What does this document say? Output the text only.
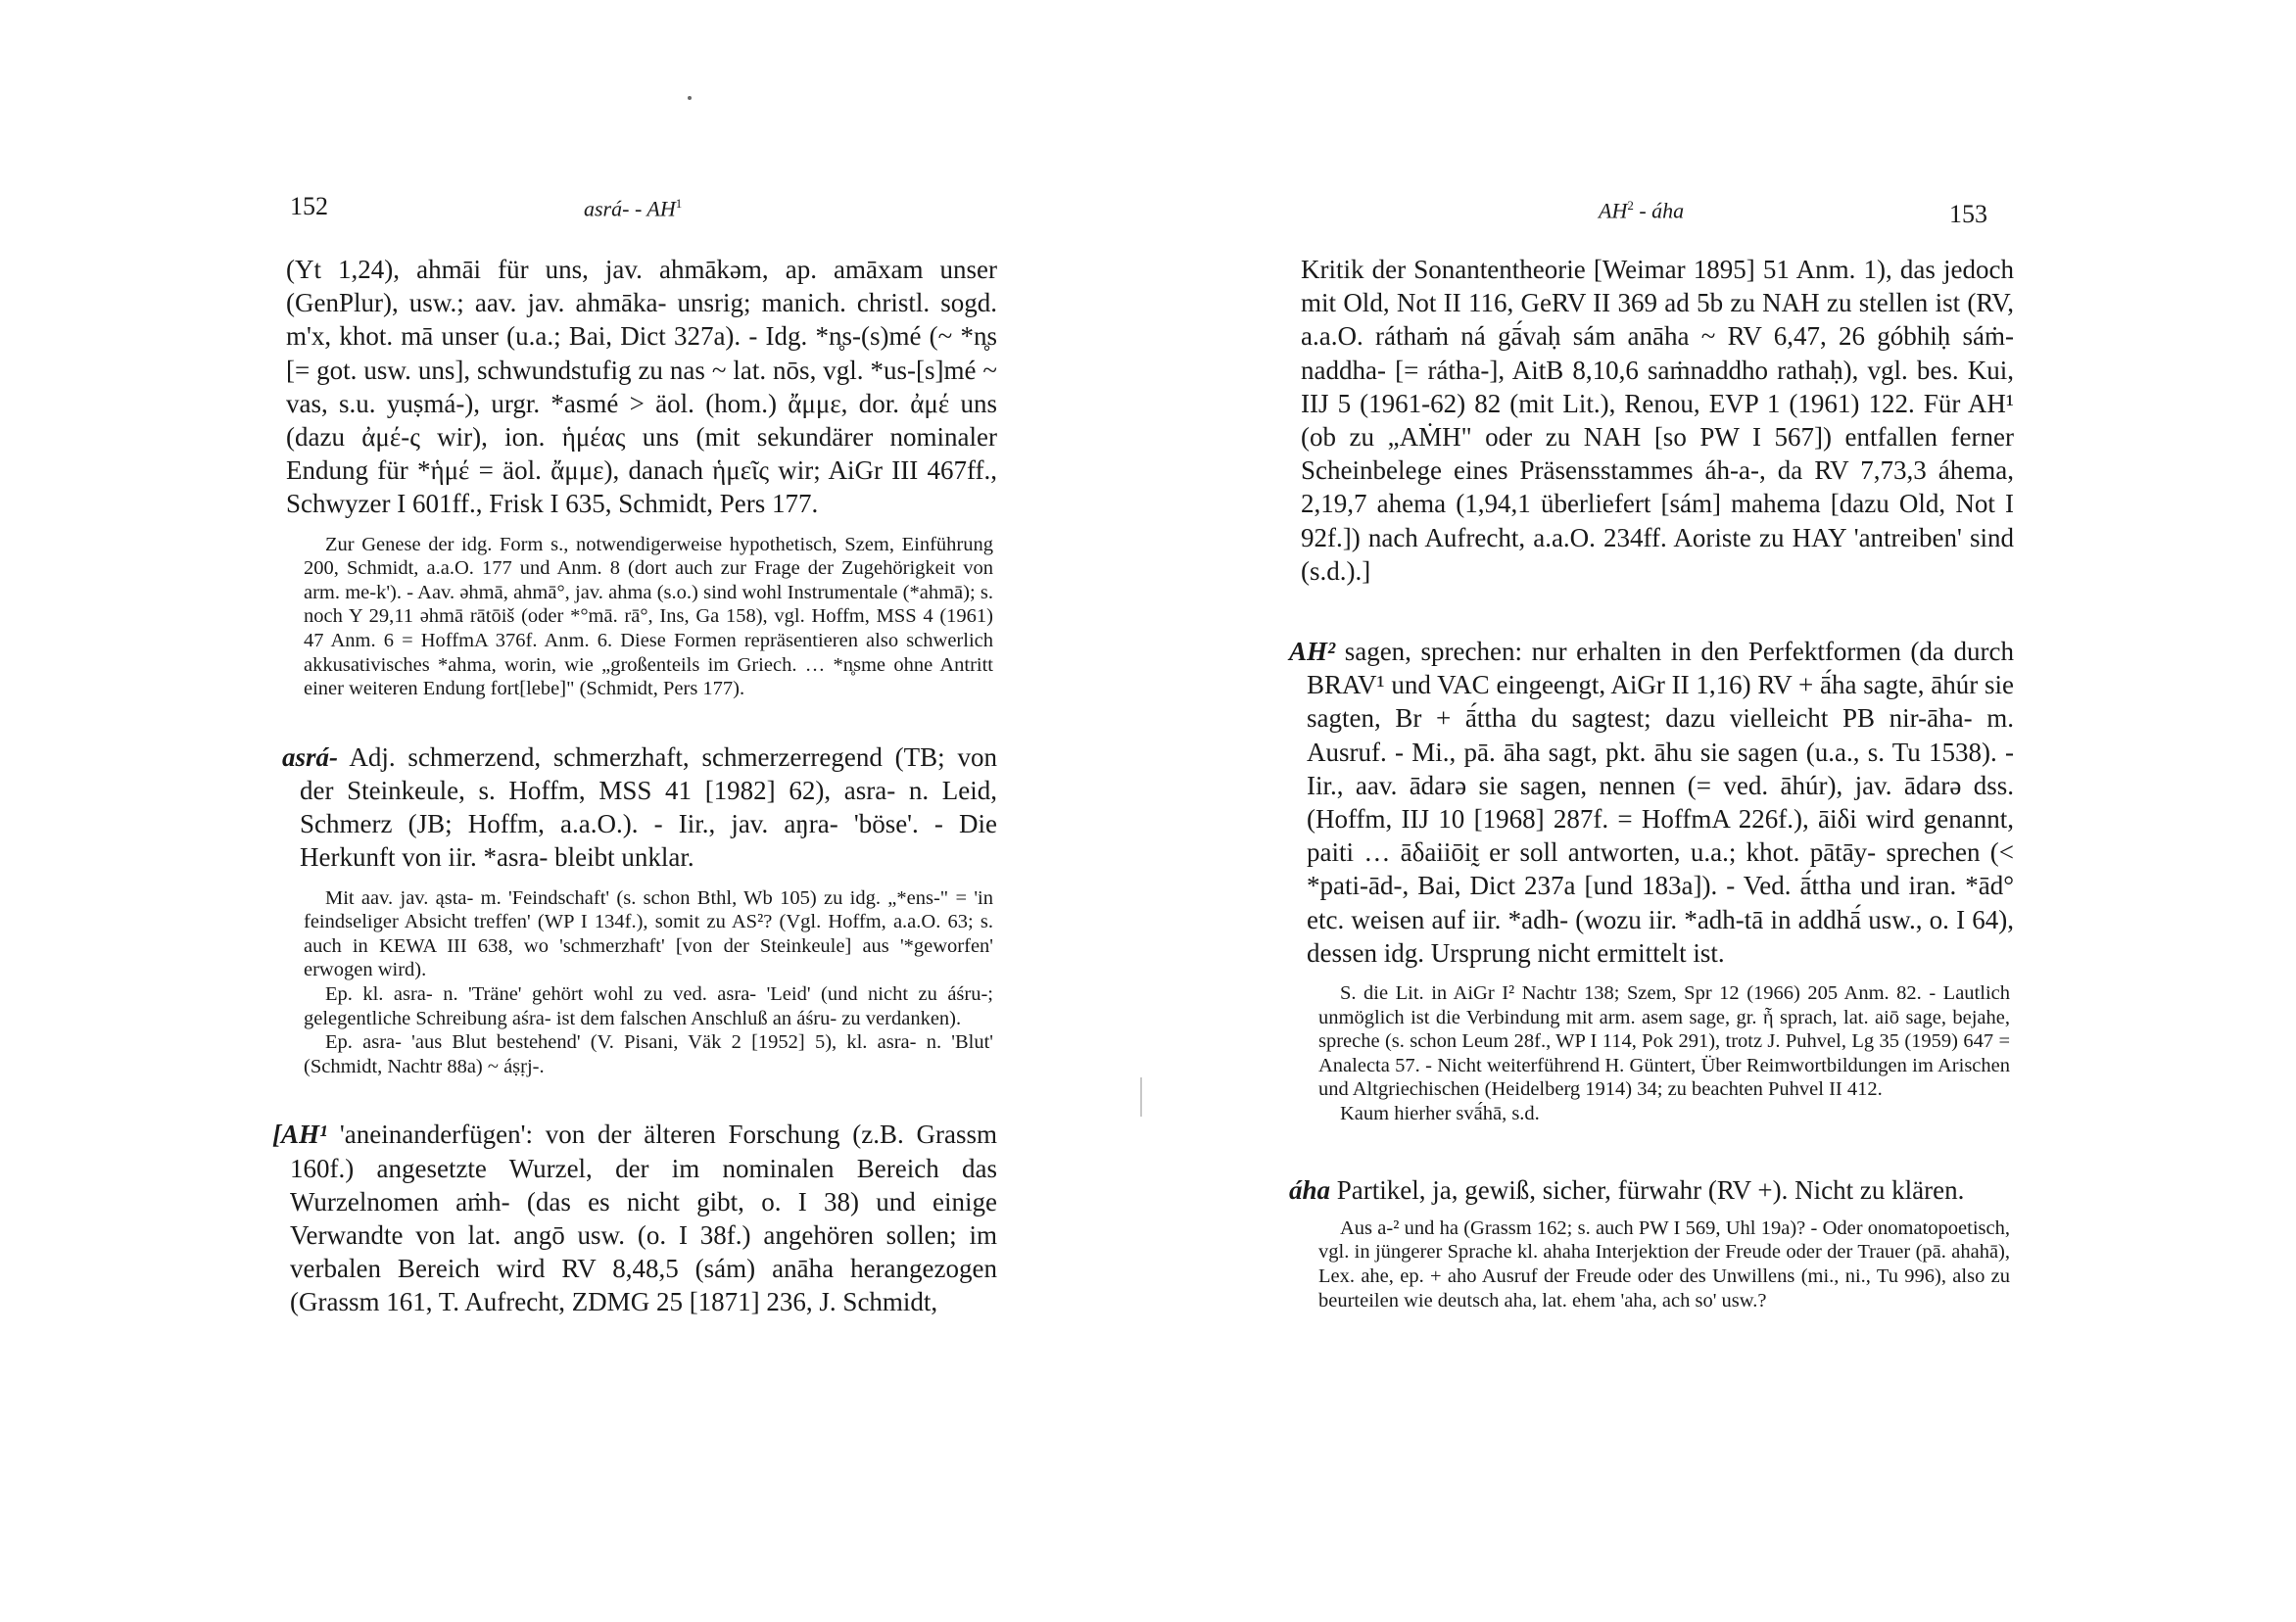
152	asrá- - $AH^1$

(Yt 1,24), ahmāi für uns, jav. ahmākəm, ap. amāxam unser (GenPlur), usw.; aav. jav. ahmāka- unsrig; manich. christl. sogd. m'x, khot. mā unser (u.a.; Bai, Dict 327a). - Idg. *n̥s-(s)mé (~ *n̥s [= got. usw. uns], schwundstufig zu nas ~ lat. nōs, vgl. *us-[s]mé ~ vas, s.u. yuṣmá-), urgr. *asmé > äol. (hom.) ἄμμε, dor. ἀμέ uns (dazu ἀμέ-ς wir), ion. ἡμέας uns (mit sekundärer nominaler Endung für *ἡμέ = äol. ἄμμε), danach ἡμεῖς wir; AiGr III 467ff., Schwyzer I 601ff., Frisk I 635, Schmidt, Pers 177.

Zur Genese der idg. Form s., notwendigerweise hypothetisch, Szem, Einführung 200, Schmidt, a.a.O. 177 und Anm. 8 (dort auch zur Frage der Zugehörigkeit von arm. me-k'). - Aav. əhmā, ahmā°, jav. ahma (s.o.) sind wohl Instrumentale (*ahmā); s. noch Y 29,11 əhmā rātōiš (oder *°mā. rā°, Ins, Ga 158), vgl. Hoffm, MSS 4 (1961) 47 Anm. 6 = HoffmA 376f. Anm. 6. Diese Formen repräsentieren also schwerlich akkusativisches *ahma, worin, wie „großenteils im Griech. … *n̥sme ohne Antritt einer weiteren Endung fort[lebe]" (Schmidt, Pers 177).

asrá- Adj. schmerzend, schmerzhaft, schmerzerregend (TB; von der Steinkeule, s. Hoffm, MSS 41 [1982] 62), asra- n. Leid, Schmerz (JB; Hoffm, a.a.O.). - Iir., jav. aŋra- 'böse'. - Die Herkunft von iir. *asra- bleibt unklar.

Mit aav. jav. ąsta- m. 'Feindschaft' (s. schon Bthl, Wb 105) zu idg. „*ens-" = 'in feindseliger Absicht treffen' (WP I 134f.), somit zu AS²? (Vgl. Hoffm, a.a.O. 63; s. auch in KEWA III 638, wo 'schmerzhaft' [von der Steinkeule] aus '*geworfen' erwogen wird).

Ep. kl. asra- n. 'Träne' gehört wohl zu ved. asra- 'Leid' (und nicht zu áśru-; gelegentliche Schreibung aśra- ist dem falschen Anschluß an áśru- zu verdanken).

Ep. asra- 'aus Blut bestehend' (V. Pisani, Väk 2 [1952] 5), kl. asra- n. 'Blut' (Schmidt, Nachtr 88a) ~ áṣṛj-.

[AH¹ 'aneinanderfügen': von der älteren Forschung (z.B. Grassm 160f.) angesetzte Wurzel, der im nominalen Bereich das Wurzelnomen aṁh- (das es nicht gibt, o. I 38) und einige Verwandte von lat. angō usw. (o. I 38f.) angehören sollen; im verbalen Bereich wird RV 8,48,5 (sám) anāha herangezogen (Grassm 161, T. Aufrecht, ZDMG 25 [1871] 236, J. Schmidt,

$AH^2$ - áha	153

Kritik der Sonantentheorie [Weimar 1895] 51 Anm. 1), das jedoch mit Old, Not II 116, GeRV II 369 ad 5b zu NAH zu stellen ist (RV, a.a.O. ráthaṁ ná gā́vaḥ sám anāha ~ RV 6,47, 26 góbhiḥ sáṁ-naddha- [= rátha-], AitB 8,10,6 saṁnaddho rathaḥ), vgl. bes. Kui, IIJ 5 (1961-62) 82 (mit Lit.), Renou, EVP 1 (1961) 122. Für AH¹ (ob zu „AṀH" oder zu NAH [so PW I 567]) entfallen ferner Scheinbelege eines Präsensstammes áh-a-, da RV 7,73,3 áhema, 2,19,7 ahema (1,94,1 überliefert [sám] mahema [dazu Old, Not I 92f.]) nach Aufrecht, a.a.O. 234ff. Aoriste zu HAY 'antreiben' sind (s.d.).]

AH² sagen, sprechen: nur erhalten in den Perfektformen (da durch BRAV¹ und VAC eingeengt, AiGr II 1,16) RV + ā́ha sagte, āhúr sie sagten, Br + ā́ttha du sagtest; dazu vielleicht PB nir-āha- m. Ausruf. - Mi., pā. āha sagt, pkt. āhu sie sagen (u.a., s. Tu 1538). - Iir., aav. ādarə sie sagen, nennen (= ved. āhúr), jav. ādarə dss. (Hoffm, IIJ 10 [1968] 287f. = HoffmA 226f.), āiδi wird genannt, paiti … āδaiiōit̰ er soll antworten, u.a.; khot. pātāy- sprechen (< *pati-ād-, Bai, Dict 237a [und 183a]). - Ved. ā́ttha und iran. *ād° etc. weisen auf iir. *adh- (wozu iir. *adh-tā in addhā́ usw., o. I 64), dessen idg. Ursprung nicht ermittelt ist.

S. die Lit. in AiGr I² Nachtr 138; Szem, Spr 12 (1966) 205 Anm. 82. - Lautlich unmöglich ist die Verbindung mit arm. asem sage, gr. ἦ sprach, lat. aiō sage, bejahe, spreche (s. schon Leum 28f., WP I 114, Pok 291), trotz J. Puhvel, Lg 35 (1959) 647 = Analecta 57. - Nicht weiterführend H. Güntert, Über Reimwortbildungen im Arischen und Altgriechischen (Heidelberg 1914) 34; zu beachten Puhvel II 412.

Kaum hierher svā́hā, s.d.

áha Partikel, ja, gewiß, sicher, fürwahr (RV +). Nicht zu klären.

Aus a-² und ha (Grassm 162; s. auch PW I 569, Uhl 19a)? - Oder onomatopoetisch, vgl. in jüngerer Sprache kl. ahaha Interjektion der Freude oder der Trauer (pā. ahahā), Lex. ahe, ep. + aho Ausruf der Freude oder des Unwillens (mi., ni., Tu 996), also zu beurteilen wie deutsch aha, lat. ehem 'aha, ach so' usw.?
